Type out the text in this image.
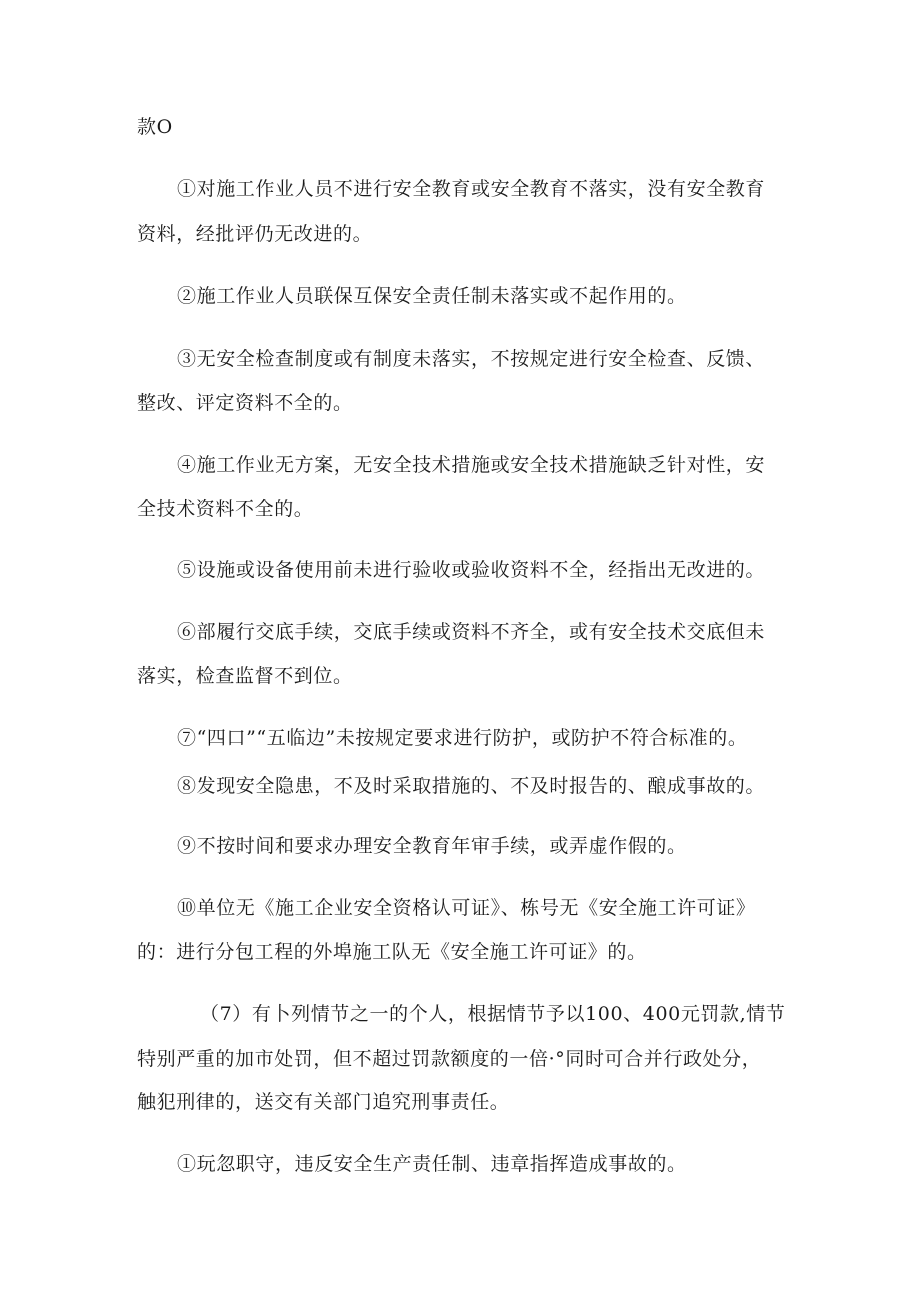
款O
①对施工作业人员不进行安全教育或安全教育不落实，没有安全教育
资料，经批评仍无改进的。
②施工作业人员联保互保安全责任制未落实或不起作用的。
③无安全检查制度或有制度未落实，不按规定进行安全检查、反馈、
整改、评定资料不全的。
④施工作业无方案，无安全技术措施或安全技术措施缺乏针对性，安
全技术资料不全的。
⑤设施或设备使用前未进行验收或验收资料不全，经指出无改进的。
⑥部履行交底手续，交底手续或资料不齐全，或有安全技术交底但未
落实，检查监督不到位。
⑦“四口”“五临边”未按规定要求进行防护，或防护不符合标准的。
⑧发现安全隐患，不及时采取措施的、不及时报告的、酿成事故的。
⑨不按时间和要求办理安全教育年审手续，或弄虚作假的。
⑩单位无《施工企业安全资格认可证》、栋号无《安全施工许可证》
的：进行分包工程的外埠施工队无《安全施工许可证》的。
（7）有卜列情节之一的个人，根据情节予以100、400元罚款,情节
特别严重的加市处罚，但不超过罚款额度的一倍·°同时可合并行政处分，
触犯刑律的，送交有关部门追究刑事责任。
①玩忽职守，违反安全生产责任制、违章指挥造成事故的。
